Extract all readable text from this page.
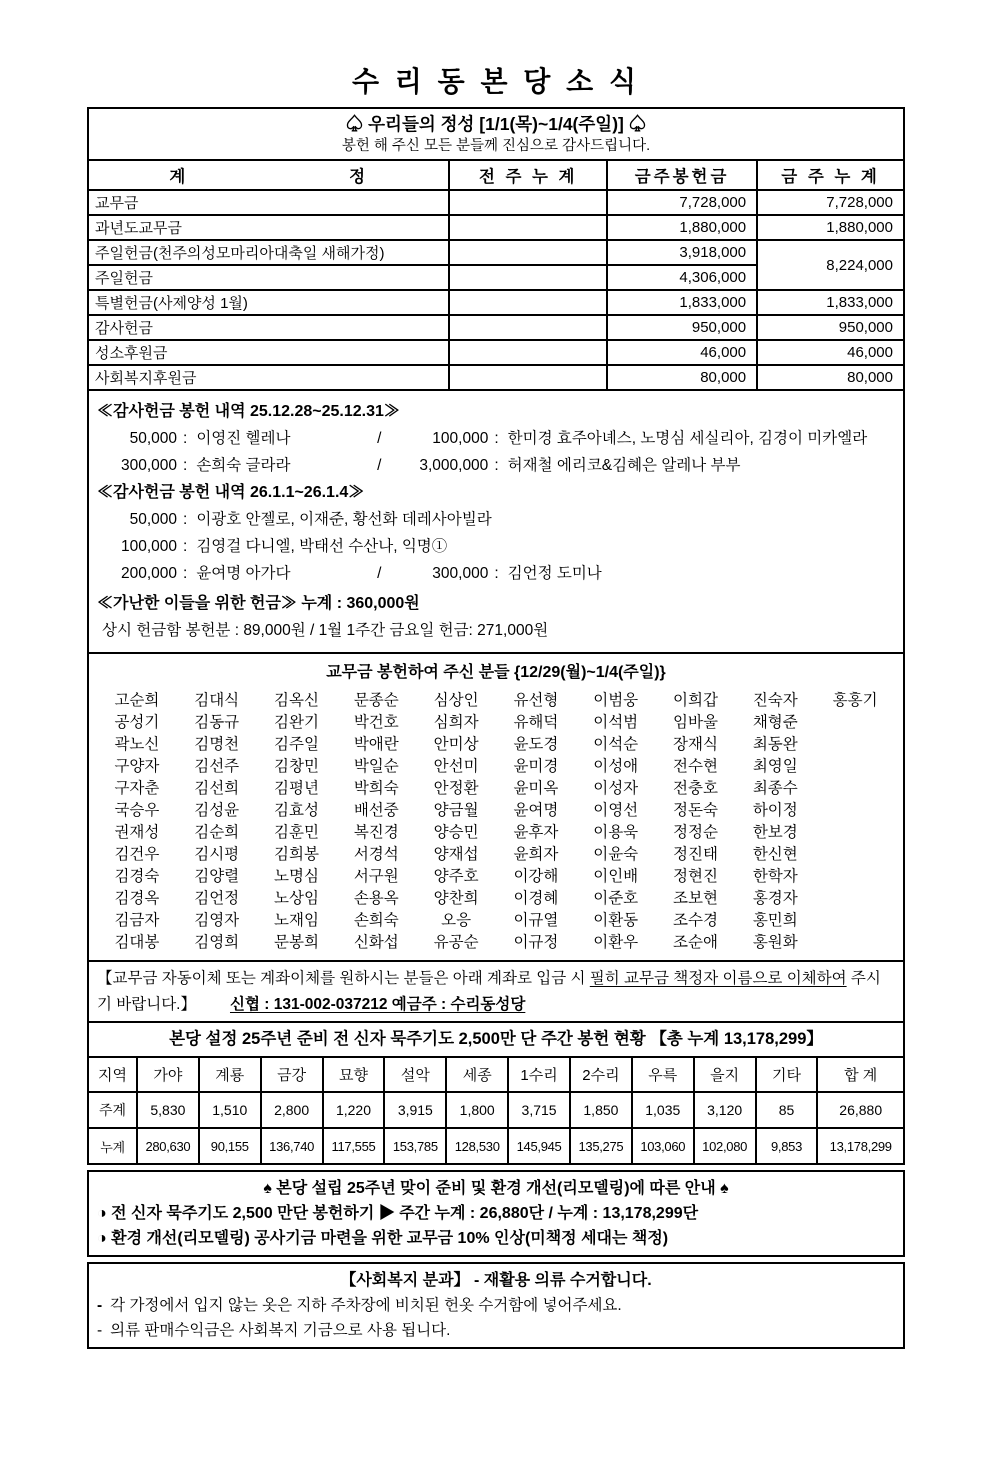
수 리 동 본 당 소 식
♤ 우리들의 정성 [1/1(목)~1/4(주일)] ♤
봉헌 해 주신 모든 분들께 진심으로 감사드립니다.
계 정	전 주 누 계	금주봉헌금	금 주 누 계
교무금		7,728,000	7,728,000
과년도교무금		1,880,000	1,880,000
주일헌금(천주의성모마리아대축일 새해가정)		3,918,000	8,224,000
주일헌금		4,306,000	
특별헌금(사제양성 1월)		1,833,000	1,833,000
감사헌금		950,000	950,000
성소후원금		46,000	46,000
사회복지후원금		80,000	80,000
≪감사헌금 봉헌 내역 25.12.28~25.12.31≫
50,000 : 이영진 헬레나	/	100,000 : 한미경 효주아녜스, 노명심 세실리아, 김경이 미카엘라
300,000 : 손희숙 글라라	/	3,000,000 : 허재철 에리코&김혜은 알레나 부부
≪감사헌금 봉헌 내역 26.1.1~26.1.4≫
50,000 : 이광호 안젤로, 이재준, 황선화 데레사아빌라
100,000 : 김영걸 다니엘, 박태선 수산나, 익명①
200,000 : 윤여명 아가다	/	300,000 : 김언정 도미나
≪가난한 이들을 위한 헌금≫ 누계 : 360,000원
상시 헌금함 봉헌분 : 89,000원 / 1월 1주간 금요일 헌금: 271,000원
교무금 봉헌하여 주신 분들 {12/29(월)~1/4(주일)}
고순희	김대식	김옥신	문종순	심상인	유선형	이범웅	이희갑	진숙자	홍홍기
공성기	김동규	김완기	박건호	심희자	유해덕	이석범	임바울	채형준
곽노신	김명천	김주일	박애란	안미상	윤도경	이석순	장재식	최동완
구양자	김선주	김창민	박일순	안선미	윤미경	이성애	전수현	최영일
구자춘	김선희	김평년	박희숙	안정환	윤미옥	이성자	전충호	최종수
국승우	김성윤	김효성	배선중	양금월	윤여명	이영선	정돈숙	하이정
권재성	김순희	김훈민	복진경	양승민	윤후자	이용욱	정정순	한보경
김건우	김시평	김희봉	서경석	양재섭	윤희자	이윤숙	정진태	한신현
김경숙	김양렬	노명심	서구원	양주호	이강해	이인배	정현진	한학자
김경옥	김언정	노상임	손용옥	양찬희	이경혜	이준호	조보현	홍경자
김금자	김영자	노재임	손희숙	오응	이규열	이환동	조수경	홍민희
김대봉	김영희	문봉희	신화섭	유공순	이규정	이환우	조순애	홍원화
【교무금 자동이체 또는 계좌이체를 원하시는 분들은 아래 계좌로 입금 시 필히 교무금 책정자 이름으로 이체하여 주시기 바랍니다.】 신협 : 131-002-037212 예금주 : 수리동성당
본당 설정 25주년 준비 전 신자 묵주기도 2,500만 단 주간 봉헌 현황 【총 누계 13,178,299】
지역	가야	계룡	금강	묘향	설악	세종	1수리	2수리	우륵	을지	기타	합 계
주계	5,830	1,510	2,800	1,220	3,915	1,800	3,715	1,850	1,035	3,120	85	26,880
누계	280,630	90,155	136,740	117,555	153,785	128,530	145,945	135,275	103,060	102,080	9,853	13,178,299
♠ 본당 설립 25주년 맞이 준비 및 환경 개선(리모델링)에 따른 안내 ♠
◑ 전 신자 묵주기도 2,500 만단 봉헌하기 ▶ 주간 누계 : 26,880단 / 누계 : 13,178,299단
◑ 환경 개선(리모델링) 공사기금 마련을 위한 교무금 10% 인상(미책정 세대는 책정)
【사회복지 분과】 - 재활용 의류 수거합니다.
- 각 가정에서 입지 않는 옷은 지하 주차장에 비치된 헌옷 수거함에 넣어주세요.
- 의류 판매수익금은 사회복지 기금으로 사용 됩니다.
